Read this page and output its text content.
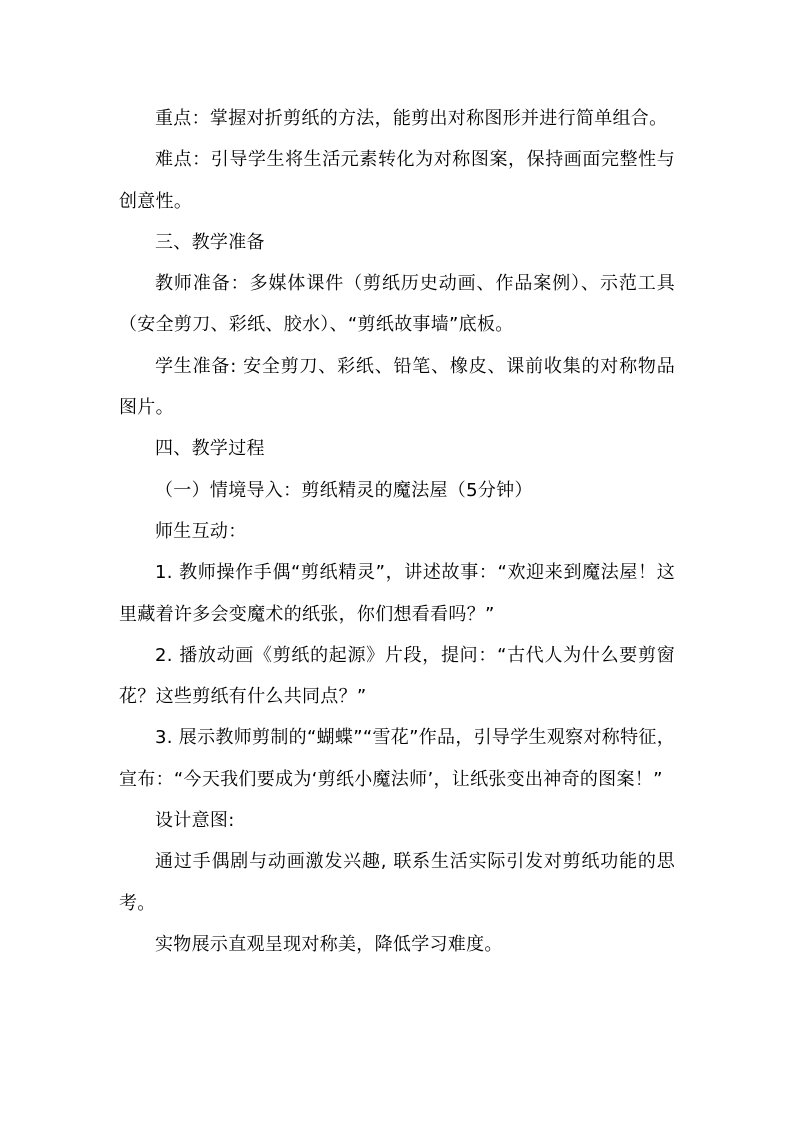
重点：掌握对折剪纸的方法，能剪出对称图形并进行简单组合。

难点：引导学生将生活元素转化为对称图案，保持画面完整性与创意性。

三、教学准备

教师准备：多媒体课件（剪纸历史动画、作品案例）、示范工具（安全剪刀、彩纸、胶水）、“剪纸故事墙”底板。

学生准备: 安全剪刀、彩纸、铅笔、橡皮、课前收集的对称物品图片。

四、教学过程

（一）情境导入：剪纸精灵的魔法屋（5分钟）

师生互动：

1. 教师操作手偶“剪纸精灵”，讲述故事：“欢迎来到魔法屋！这里藏着许多会变魔术的纸张，你们想看看吗？”

2. 播放动画《剪纸的起源》片段，提问：“古代人为什么要剪窗花？这些剪纸有什么共同点？”

3. 展示教师剪制的“蝴蝶”“雪花”作品，引导学生观察对称特征，宣布：“今天我们要成为‘剪纸小魔法师’，让纸张变出神奇的图案！”

设计意图:

通过手偶剧与动画激发兴趣, 联系生活实际引发对剪纸功能的思考。

实物展示直观呈现对称美，降低学习难度。
